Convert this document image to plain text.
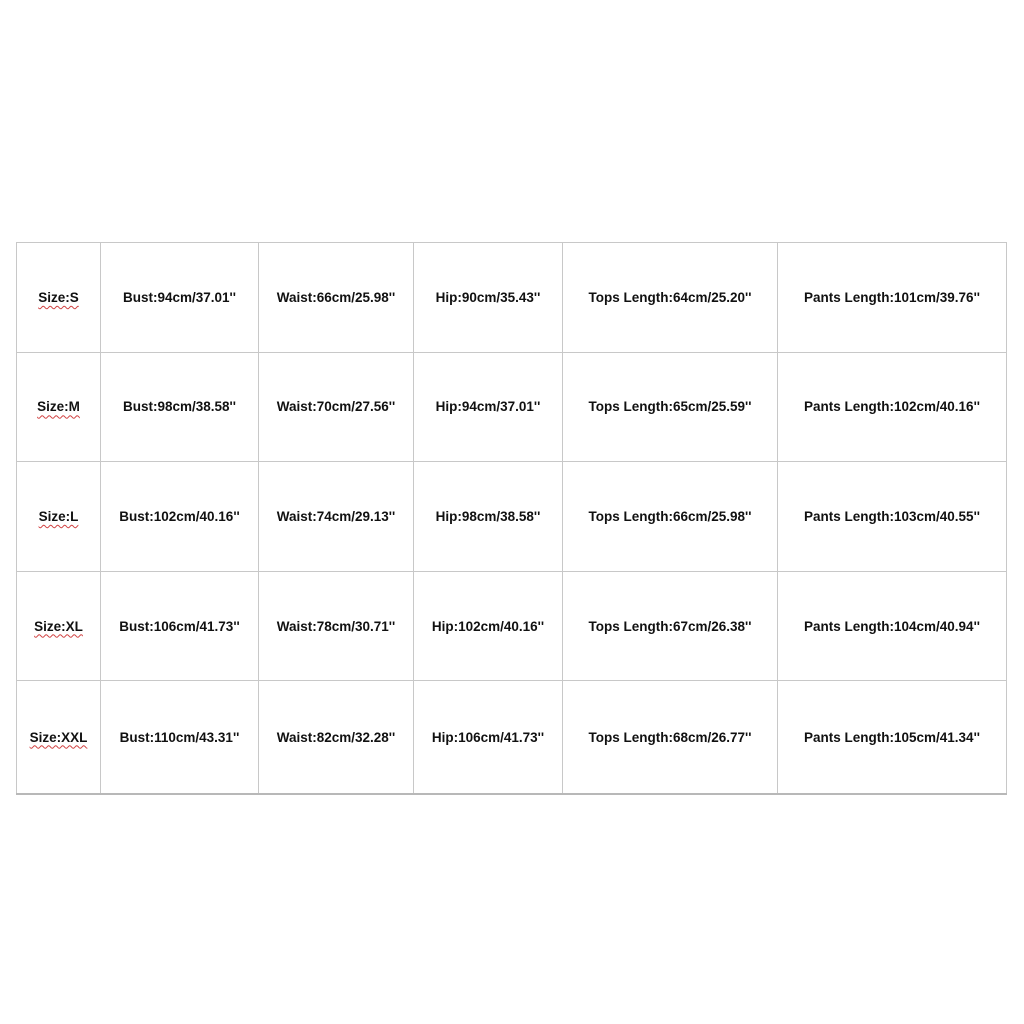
Size:S	Bust:94cm/37.01''	Waist:66cm/25.98''	Hip:90cm/35.43''	Tops Length:64cm/25.20''	Pants Length:101cm/39.76''
Size:M	Bust:98cm/38.58''	Waist:70cm/27.56''	Hip:94cm/37.01''	Tops Length:65cm/25.59''	Pants Length:102cm/40.16''
Size:L	Bust:102cm/40.16''	Waist:74cm/29.13''	Hip:98cm/38.58''	Tops Length:66cm/25.98''	Pants Length:103cm/40.55''
Size:XL	Bust:106cm/41.73''	Waist:78cm/30.71''	Hip:102cm/40.16''	Tops Length:67cm/26.38''	Pants Length:104cm/40.94''
Size:XXL	Bust:110cm/43.31''	Waist:82cm/32.28''	Hip:106cm/41.73''	Tops Length:68cm/26.77''	Pants Length:105cm/41.34''
